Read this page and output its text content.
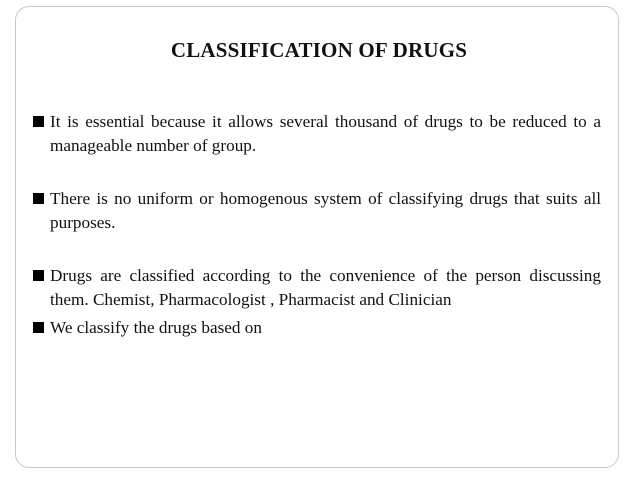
CLASSIFICATION OF DRUGS
It is essential because it allows several thousand of drugs to be reduced to a manageable number of group.
There is no uniform or homogenous system of classifying drugs that suits all purposes.
Drugs are classified according to the convenience of the person discussing them. Chemist, Pharmacologist , Pharmacist and Clinician
We classify the drugs based on
